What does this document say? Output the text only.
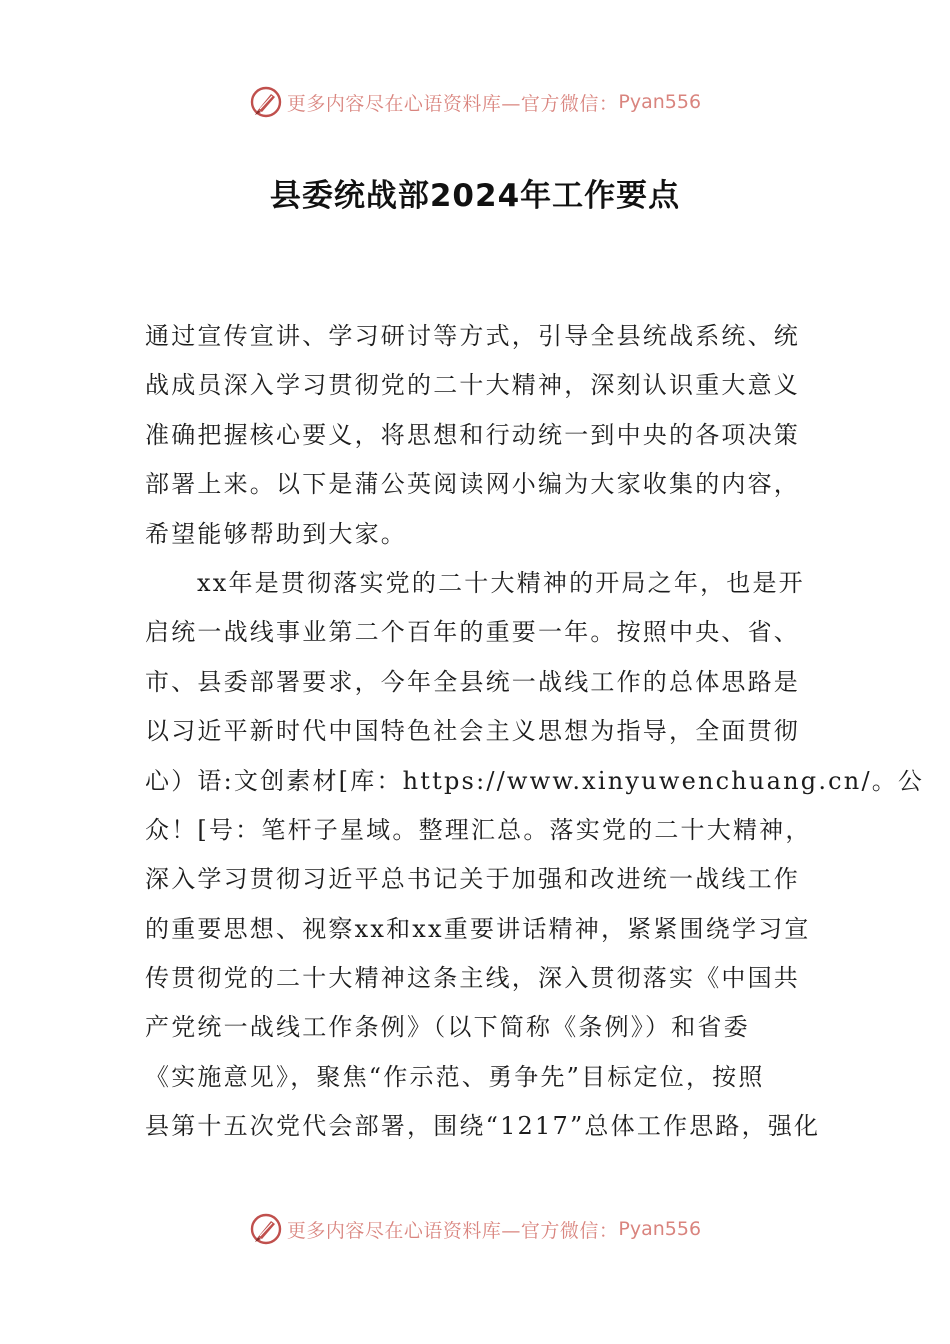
更多内容尽在心语资料库—官方微信： Pyan556
县委统战部2024年工作要点
通过宣传宣讲、学习研讨等方式，引导全县统战系统、统
战成员深入学习贯彻党的二十大精神，深刻认识重大意义
准确把握核心要义，将思想和行动统一到中央的各项决策
部署上来。以下是蒲公英阅读网小编为大家收集的内容，
希望能够帮助到大家。
xx年是贯彻落实党的二十大精神的开局之年，也是开
启统一战线事业第二个百年的重要一年。按照中央、省、
市、县委部署要求，今年全县统一战线工作的总体思路是
以习近平新时代中国特色社会主义思想为指导，全面贯彻
心）语:文创素材[库：https://www.xinyuwenchuang.cn/。公
众！[号：笔杆子星域。整理汇总。落实党的二十大精神，
深入学习贯彻习近平总书记关于加强和改进统一战线工作
的重要思想、视察xx和xx重要讲话精神，紧紧围绕学习宣
传贯彻党的二十大精神这条主线，深入贯彻落实《中国共
产党统一战线工作条例》（以下简称《条例》）和省委
《实施意见》，聚焦“作示范、勇争先”目标定位，按照
县第十五次党代会部署，围绕“1217”总体工作思路，强化
更多内容尽在心语资料库—官方微信： Pyan556
